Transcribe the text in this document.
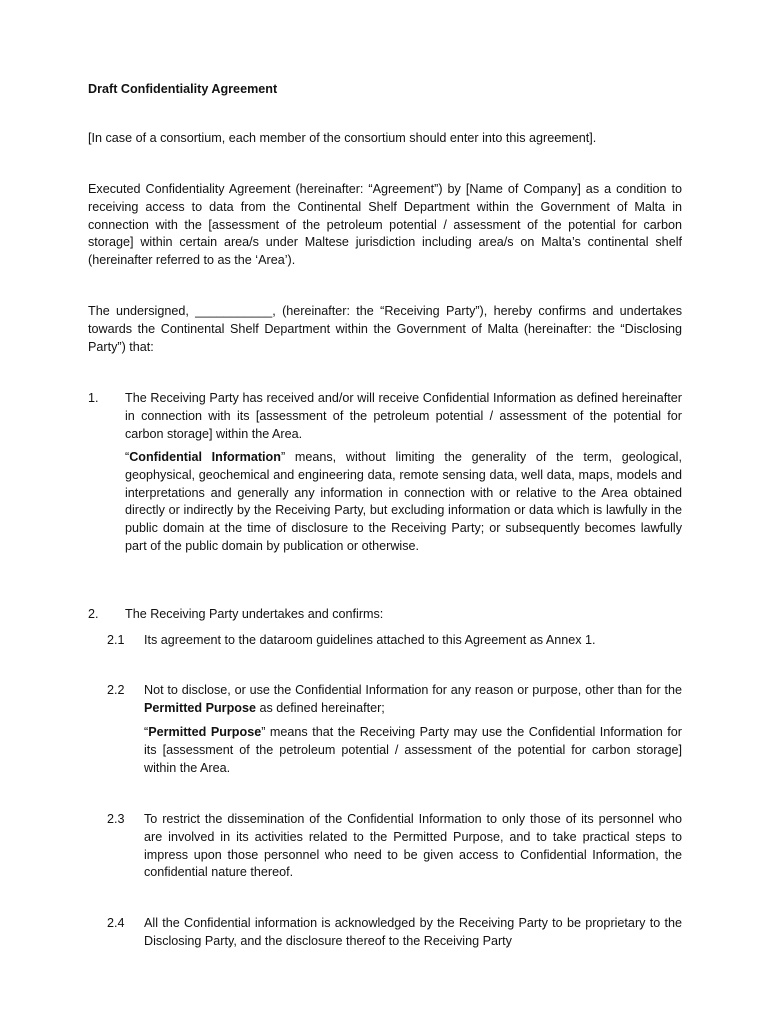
Draft Confidentiality Agreement
[In case of a consortium, each member of the consortium should enter into this agreement].
Executed Confidentiality Agreement (hereinafter: “Agreement”) by [Name of Company] as a condition to receiving access to data from the Continental Shelf Department within the Government of Malta in connection with the [assessment of the petroleum potential / assessment of the potential for carbon storage] within certain area/s under Maltese jurisdiction including area/s on Malta’s continental shelf (hereinafter referred to as the ‘Area’).
The undersigned, ___________, (hereinafter: the “Receiving Party”), hereby confirms and undertakes towards the Continental Shelf Department within the Government of Malta (hereinafter: the “Disclosing Party”) that:
1. The Receiving Party has received and/or will receive Confidential Information as defined hereinafter in connection with its [assessment of the petroleum potential / assessment of the potential for carbon storage] within the Area.
“Confidential Information” means, without limiting the generality of the term, geological, geophysical, geochemical and engineering data, remote sensing data, well data, maps, models and interpretations and generally any information in connection with or relative to the Area obtained directly or indirectly by the Receiving Party, but excluding information or data which is lawfully in the public domain at the time of disclosure to the Receiving Party; or subsequently becomes lawfully part of the public domain by publication or otherwise.
2. The Receiving Party undertakes and confirms:
2.1 Its agreement to the dataroom guidelines attached to this Agreement as Annex 1.
2.2 Not to disclose, or use the Confidential Information for any reason or purpose, other than for the Permitted Purpose as defined hereinafter;
“Permitted Purpose” means that the Receiving Party may use the Confidential Information for its [assessment of the petroleum potential / assessment of the potential for carbon storage] within the Area.
2.3 To restrict the dissemination of the Confidential Information to only those of its personnel who are involved in its activities related to the Permitted Purpose, and to take practical steps to impress upon those personnel who need to be given access to Confidential Information, the confidential nature thereof.
2.4 All the Confidential information is acknowledged by the Receiving Party to be proprietary to the Disclosing Party, and the disclosure thereof to the Receiving Party
